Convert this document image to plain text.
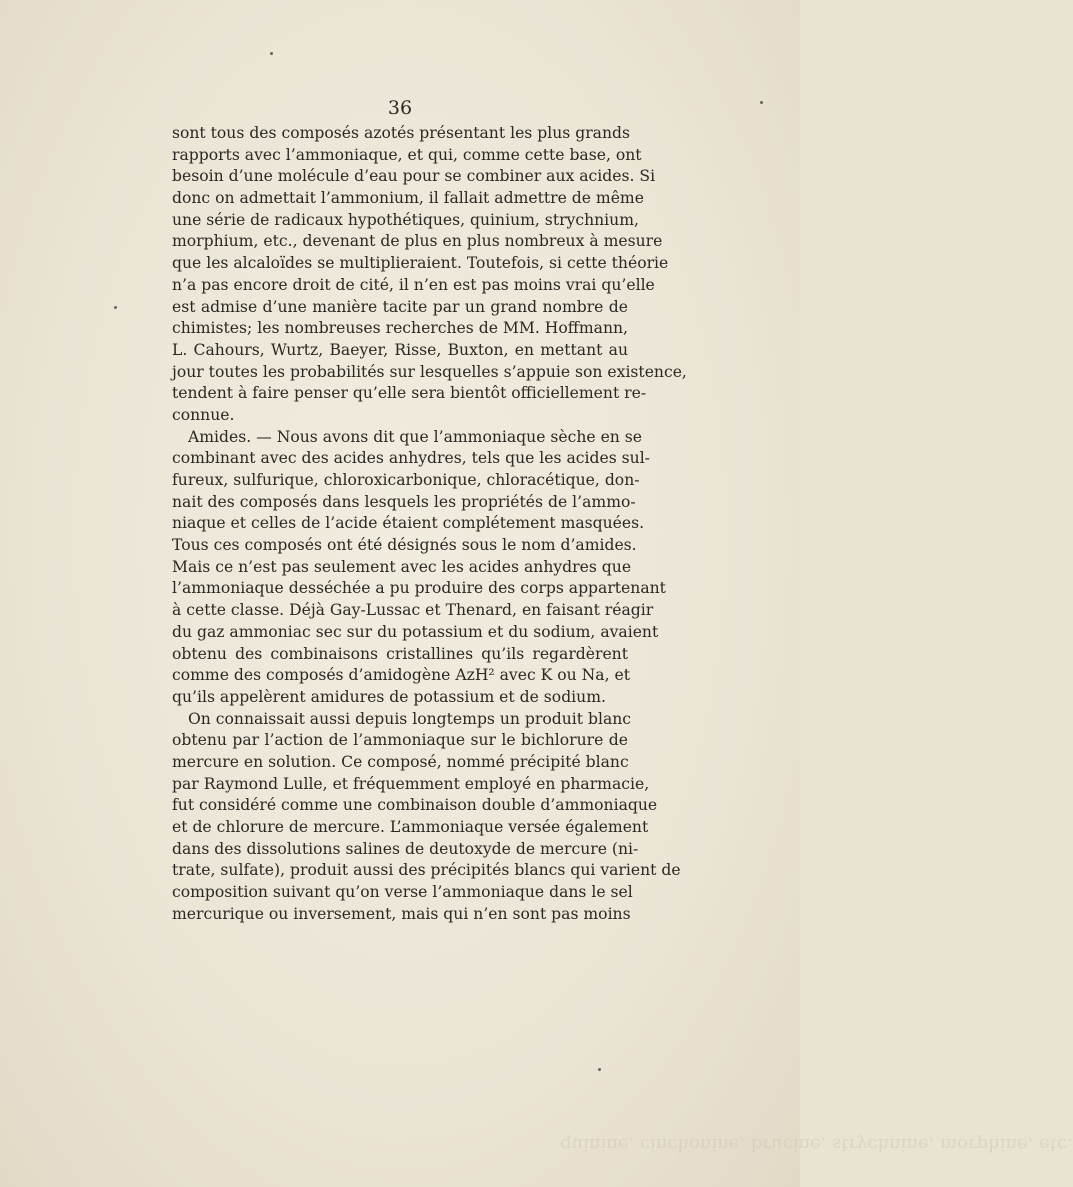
quinine, cinchonine, brucine, strychnine, morphine, etc.
36
sont tous des composés azotés présentant les plus grands
rapports avec l’ammoniaque, et qui, comme cette base, ont
besoin d’une molécule d’eau pour se combiner aux acides. Si
donc on admettait l’ammonium, il fallait admettre de même
une série de radicaux hypothétiques, quinium, strychnium,
morphium, etc., devenant de plus en plus nombreux à mesure
que les alcaloïdes se multiplieraient. Toutefois, si cette théorie
n’a pas encore droit de cité, il n’en est pas moins vrai qu’elle
est admise d’une manière tacite par un grand nombre de
chimistes; les nombreuses recherches de MM. Hoffmann,
L. Cahours, Wurtz, Baeyer, Risse, Buxton, en mettant au
jour toutes les probabilités sur lesquelles s’appuie son existence,
tendent à faire penser qu’elle sera bientôt officiellement re-
connue.
Amides. — Nous avons dit que l’ammoniaque sèche en se
combinant avec des acides anhydres, tels que les acides sul-
fureux, sulfurique, chloroxicarbonique, chloracétique, don-
nait des composés dans lesquels les propriétés de l’ammo-
niaque et celles de l’acide étaient complétement masquées.
Tous ces composés ont été désignés sous le nom d’amides.
Mais ce n’est pas seulement avec les acides anhydres que
l’ammoniaque desséchée a pu produire des corps appartenant
à cette classe. Déjà Gay-Lussac et Thenard, en faisant réagir
du gaz ammoniac sec sur du potassium et du sodium, avaient
obtenu des combinaisons cristallines qu’ils regardèrent
comme des composés d’amidogène AzH² avec K ou Na, et
qu’ils appelèrent amidures de potassium et de sodium.
On connaissait aussi depuis longtemps un produit blanc
obtenu par l’action de l’ammoniaque sur le bichlorure de
mercure en solution. Ce composé, nommé précipité blanc
par Raymond Lulle, et fréquemment employé en pharmacie,
fut considéré comme une combinaison double d’ammoniaque
et de chlorure de mercure. L’ammoniaque versée également
dans des dissolutions salines de deutoxyde de mercure (ni-
trate, sulfate), produit aussi des précipités blancs qui varient de
composition suivant qu’on verse l’ammoniaque dans le sel
mercurique ou inversement, mais qui n’en sont pas moins
